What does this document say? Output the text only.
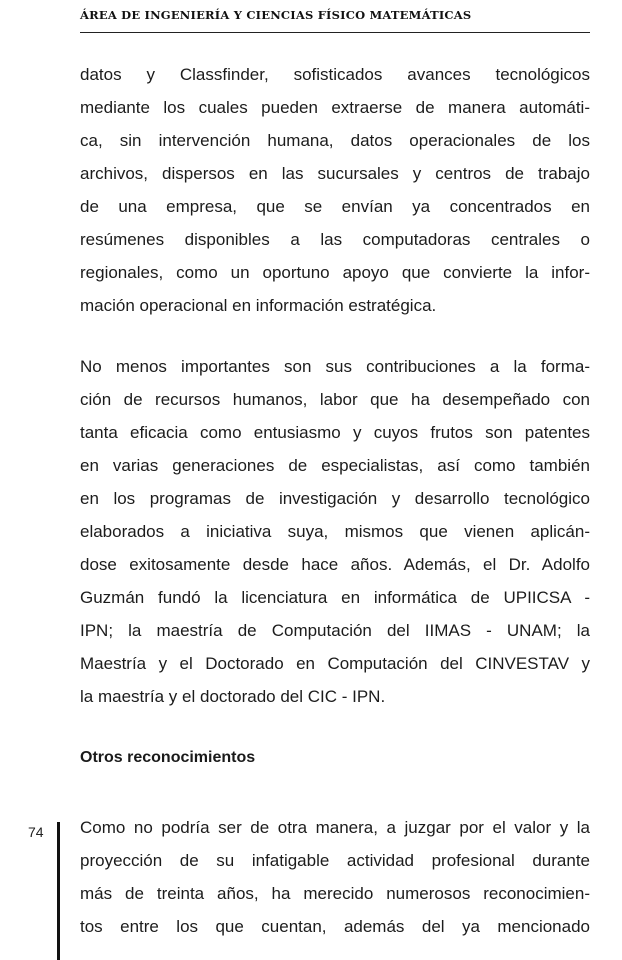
ÁREA DE INGENIERÍA Y CIENCIAS FÍSICO MATEMÁTICAS
datos y Classfinder, sofisticados avances tecnológicos
mediante los cuales pueden extraerse de manera automáti-
ca, sin intervención humana, datos operacionales de los
archivos, dispersos en las sucursales y centros de trabajo
de una empresa, que se envían ya concentrados en
resúmenes disponibles a las computadoras centrales o
regionales, como un oportuno apoyo que convierte la infor-
mación operacional en información estratégica.
No menos importantes son sus contribuciones a la forma-
ción de recursos humanos, labor que ha desempeñado con
tanta eficacia como entusiasmo y cuyos frutos son patentes
en varias generaciones de especialistas, así como también
en los programas de investigación y desarrollo tecnológico
elaborados a iniciativa suya, mismos que vienen aplicán-
dose exitosamente desde hace años. Además, el Dr. Adolfo
Guzmán fundó la licenciatura en informática de UPIICSA -
IPN; la maestría de Computación del IIMAS - UNAM; la
Maestría y el Doctorado en Computación del CINVESTAV y
la maestría y el doctorado del CIC - IPN.
Otros reconocimientos
74 Como no podría ser de otra manera, a juzgar por el valor y la
proyección de su infatigable actividad profesional durante
más de treinta años, ha merecido numerosos reconocimien-
tos entre los que cuentan, además del ya mencionado
